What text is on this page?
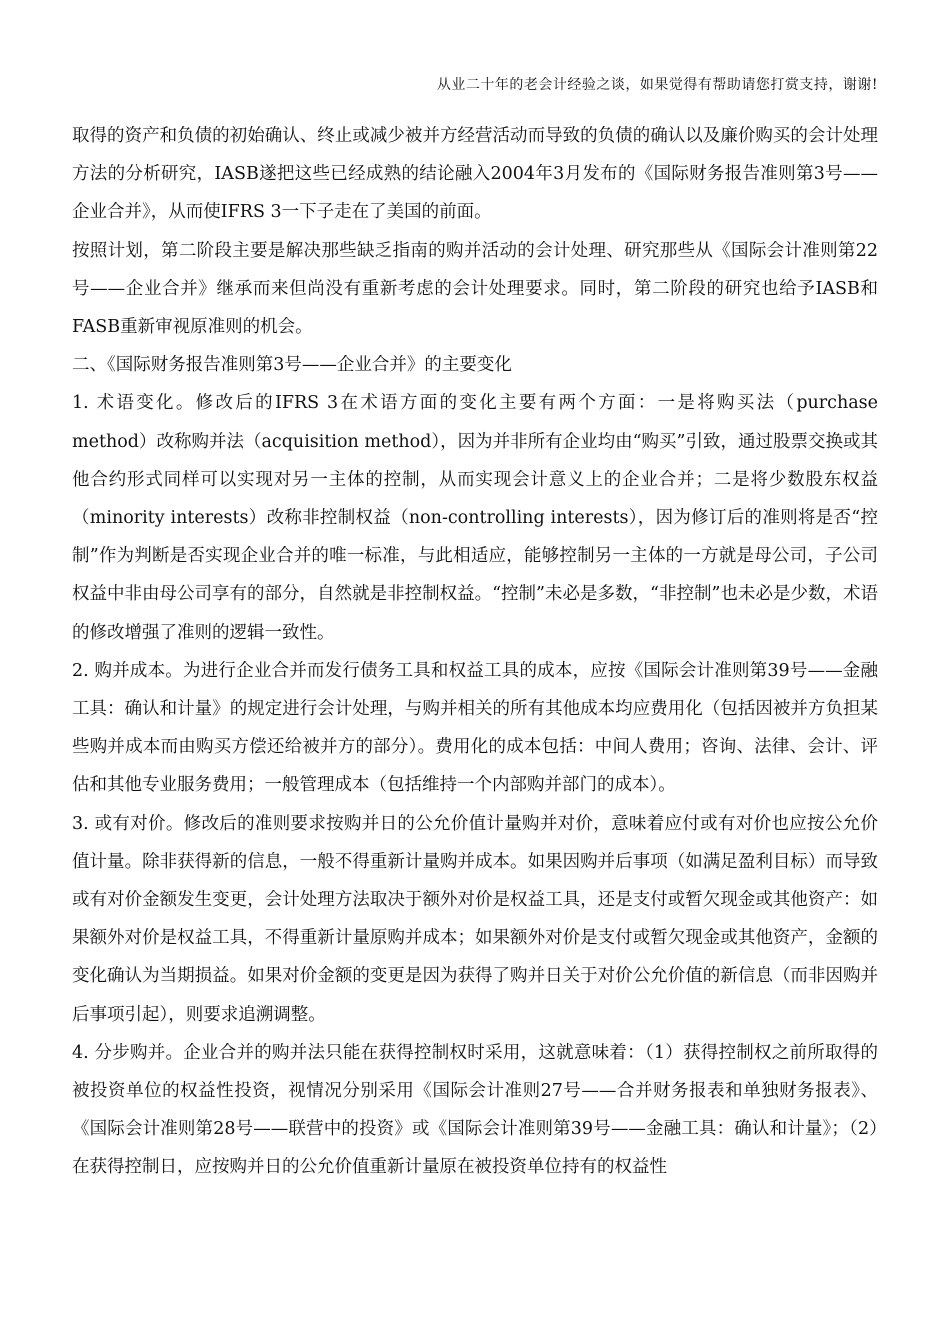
从业二十年的老会计经验之谈，如果觉得有帮助请您打赏支持，谢谢!

取得的资产和负债的初始确认、终止或减少被并方经营活动而导致的负债的确认以及廉价购买的会计处理方法的分析研究，IASB遂把这些已经成熟的结论融入2004年3月发布的《国际财务报告准则第3号——企业合并》，从而使IFRS 3一下子走在了美国的前面。

按照计划，第二阶段主要是解决那些缺乏指南的购并活动的会计处理、研究那些从《国际会计准则第22号——企业合并》继承而来但尚没有重新考虑的会计处理要求。同时，第二阶段的研究也给予IASB和FASB重新审视原准则的机会。

二、《国际财务报告准则第3号——企业合并》的主要变化

1. 术语变化。修改后的IFRS 3在术语方面的变化主要有两个方面：一是将购买法（purchase method）改称购并法（acquisition method），因为并非所有企业均由“购买”引致，通过股票交换或其他合约形式同样可以实现对另一主体的控制，从而实现会计意义上的企业合并；二是将少数股东权益（minority interests）改称非控制权益（non-controlling interests），因为修订后的准则将是否“控制”作为判断是否实现企业合并的唯一标准，与此相适应，能够控制另一主体的一方就是母公司，子公司权益中非由母公司享有的部分，自然就是非控制权益。“控制”未必是多数，“非控制”也未必是少数，术语的修改增强了准则的逻辑一致性。

2. 购并成本。为进行企业合并而发行债务工具和权益工具的成本，应按《国际会计准则第39号——金融工具：确认和计量》的规定进行会计处理，与购并相关的所有其他成本均应费用化（包括因被并方负担某些购并成本而由购买方偿还给被并方的部分）。费用化的成本包括：中间人费用；咨询、法律、会计、评估和其他专业服务费用；一般管理成本（包括维持一个内部购并部门的成本）。

3. 或有对价。修改后的准则要求按购并日的公允价值计量购并对价，意味着应付或有对价也应按公允价值计量。除非获得新的信息，一般不得重新计量购并成本。如果因购并后事项（如满足盈利目标）而导致或有对价金额发生变更，会计处理方法取决于额外对价是权益工具，还是支付或暂欠现金或其他资产：如果额外对价是权益工具，不得重新计量原购并成本；如果额外对价是支付或暂欠现金或其他资产，金额的变化确认为当期损益。如果对价金额的变更是因为获得了购并日关于对价公允价值的新信息（而非因购并后事项引起），则要求追溯调整。

4. 分步购并。企业合并的购并法只能在获得控制权时采用，这就意味着：（1）获得控制权之前所取得的被投资单位的权益性投资，视情况分别采用《国际会计准则27号——合并财务报表和单独财务报表》、《国际会计准则第28号——联营中的投资》或《国际会计准则第39号——金融工具：确认和计量》；（2）在获得控制日，应按购并日的公允价值重新计量原在被投资单位持有的权益性
